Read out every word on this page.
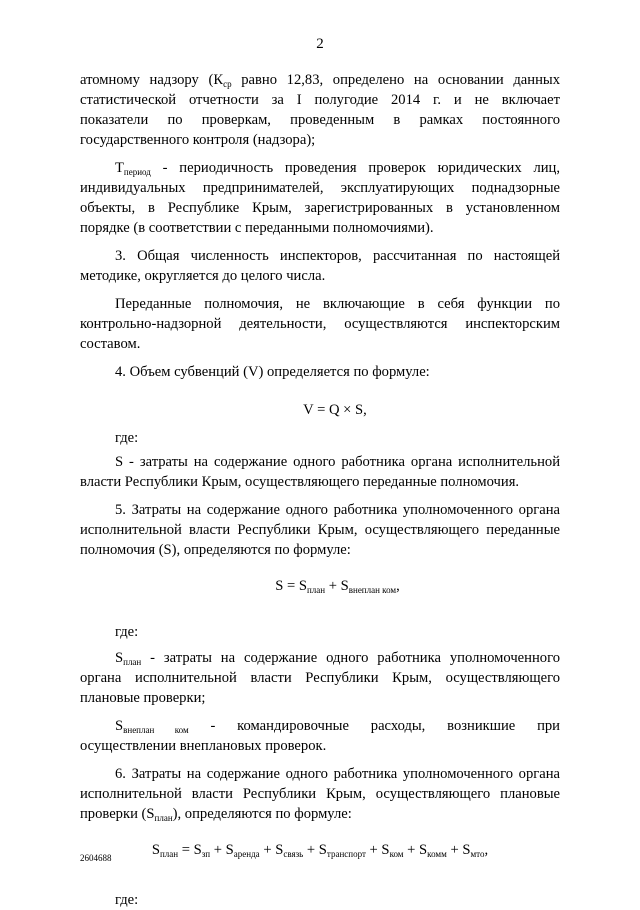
2

атомному надзору ($К_{ср}$ равно 12,83, определено на основании данных
статистической отчетности за I полугодие 2014 г. и не включает
показатели по проверкам, проведенным в рамках постоянного
государственного контроля (надзора);

$Т_{период}$ - периодичность проведения проверок юридических лиц,
индивидуальных предпринимателей, эксплуатирующих поднадзорные
объекты, в Республике Крым, зарегистрированных в установленном
порядке (в соответствии с переданными полномочиями).

3. Общая численность инспекторов, рассчитанная по настоящей
методике, округляется до целого числа.

Переданные полномочия, не включающие в себя функции по
контрольно-надзорной деятельности, осуществляются инспекторским
составом.

4. Объем субвенций (V) определяется по формуле:

V = Q × S,

где:

S - затраты на содержание одного работника органа исполнительной
власти Республики Крым, осуществляющего переданные полномочия.

5. Затраты на содержание одного работника уполномоченного органа
исполнительной власти Республики Крым, осуществляющего переданные
полномочия (S), определяются по формуле:

$S = S_{план} + S_{внеплан ком}$,

где:

$S_{план}$ - затраты на содержание одного работника уполномоченного
органа исполнительной власти Республики Крым, осуществляющего
плановые проверки;

$S_{внеплан ком}$ - командировочные расходы, возникшие при
осуществлении внеплановых проверок.

6. Затраты на содержание одного работника уполномоченного органа
исполнительной власти Республики Крым, осуществляющего плановые
проверки $(S_{план})$, определяются по формуле:

$S_{план} = S_{зп} + S_{аренда} + S_{связь} + S_{транспорт} + S_{ком} + S_{комм} + S_{мто}$,

где:

2604688
